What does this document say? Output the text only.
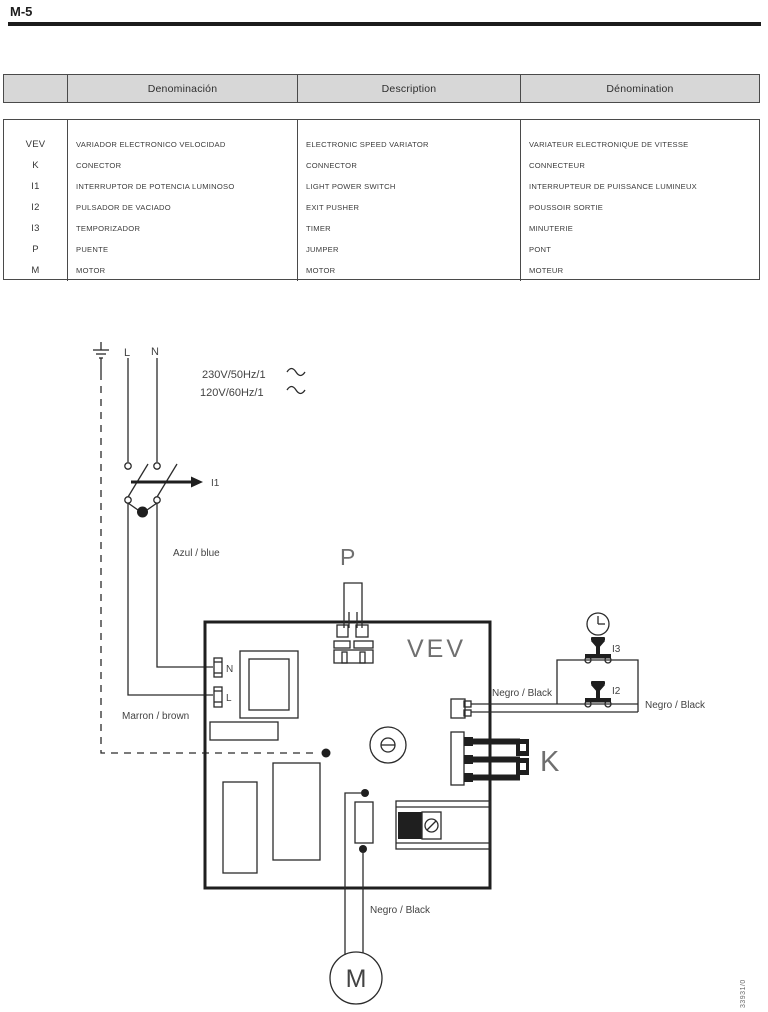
M-5
Denominación	Description	Dénomination
VEV
K
I1
I2
I3
P
M
VARIADOR ELECTRONICO VELOCIDAD
CONECTOR
INTERRUPTOR DE POTENCIA LUMINOSO
PULSADOR DE VACIADO
TEMPORIZADOR
PUENTE
MOTOR
ELECTRONIC SPEED VARIATOR
CONNECTOR
LIGHT POWER SWITCH
EXIT PUSHER
TIMER
JUMPER
MOTOR
VARIATEUR ELECTRONIQUE DE VITESSE
CONNECTEUR
INTERRUPTEUR DE PUISSANCE LUMINEUX
POUSSOIR SORTIE
MINUTERIE
PONT
MOTEUR
L N
230V/50Hz/1
120V/60Hz/1
I1
Azul / blue
Marron / brown
VEV
P
N
L
Negro / Black
M
Negro / Black
Negro / Black
I3
I2
K
33931/0
